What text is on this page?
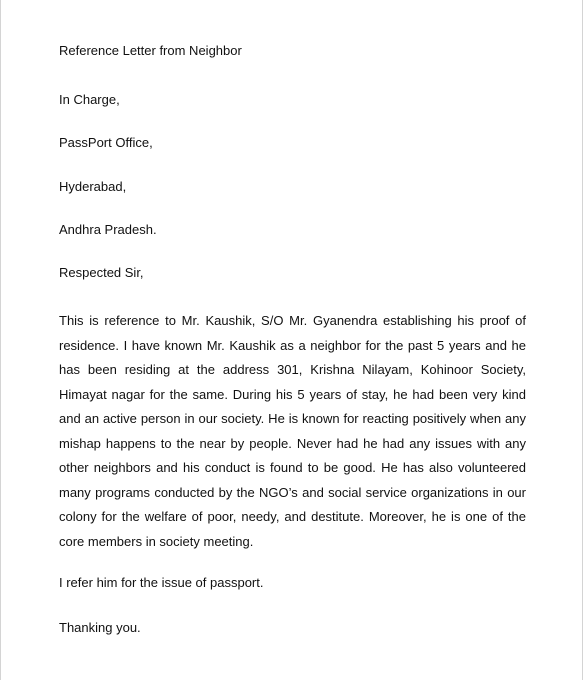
Reference Letter from Neighbor

In Charge,

PassPort Office,

Hyderabad,

Andhra Pradesh.

Respected Sir,

This is reference to Mr. Kaushik, S/O Mr. Gyanendra establishing his proof of residence. I have known Mr. Kaushik as a neighbor for the past 5 years and he has been residing at the address 301, Krishna Nilayam, Kohinoor Society, Himayat nagar for the same. During his 5 years of stay, he had been very kind and an active person in our society. He is known for reacting positively when any mishap happens to the near by people. Never had he had any issues with any other neighbors and his conduct is found to be good. He has also volunteered many programs conducted by the NGO’s and social service organizations in our colony for the welfare of poor, needy, and destitute. Moreover, he is one of the core members in society meeting.

I refer him for the issue of passport.

Thanking you.
